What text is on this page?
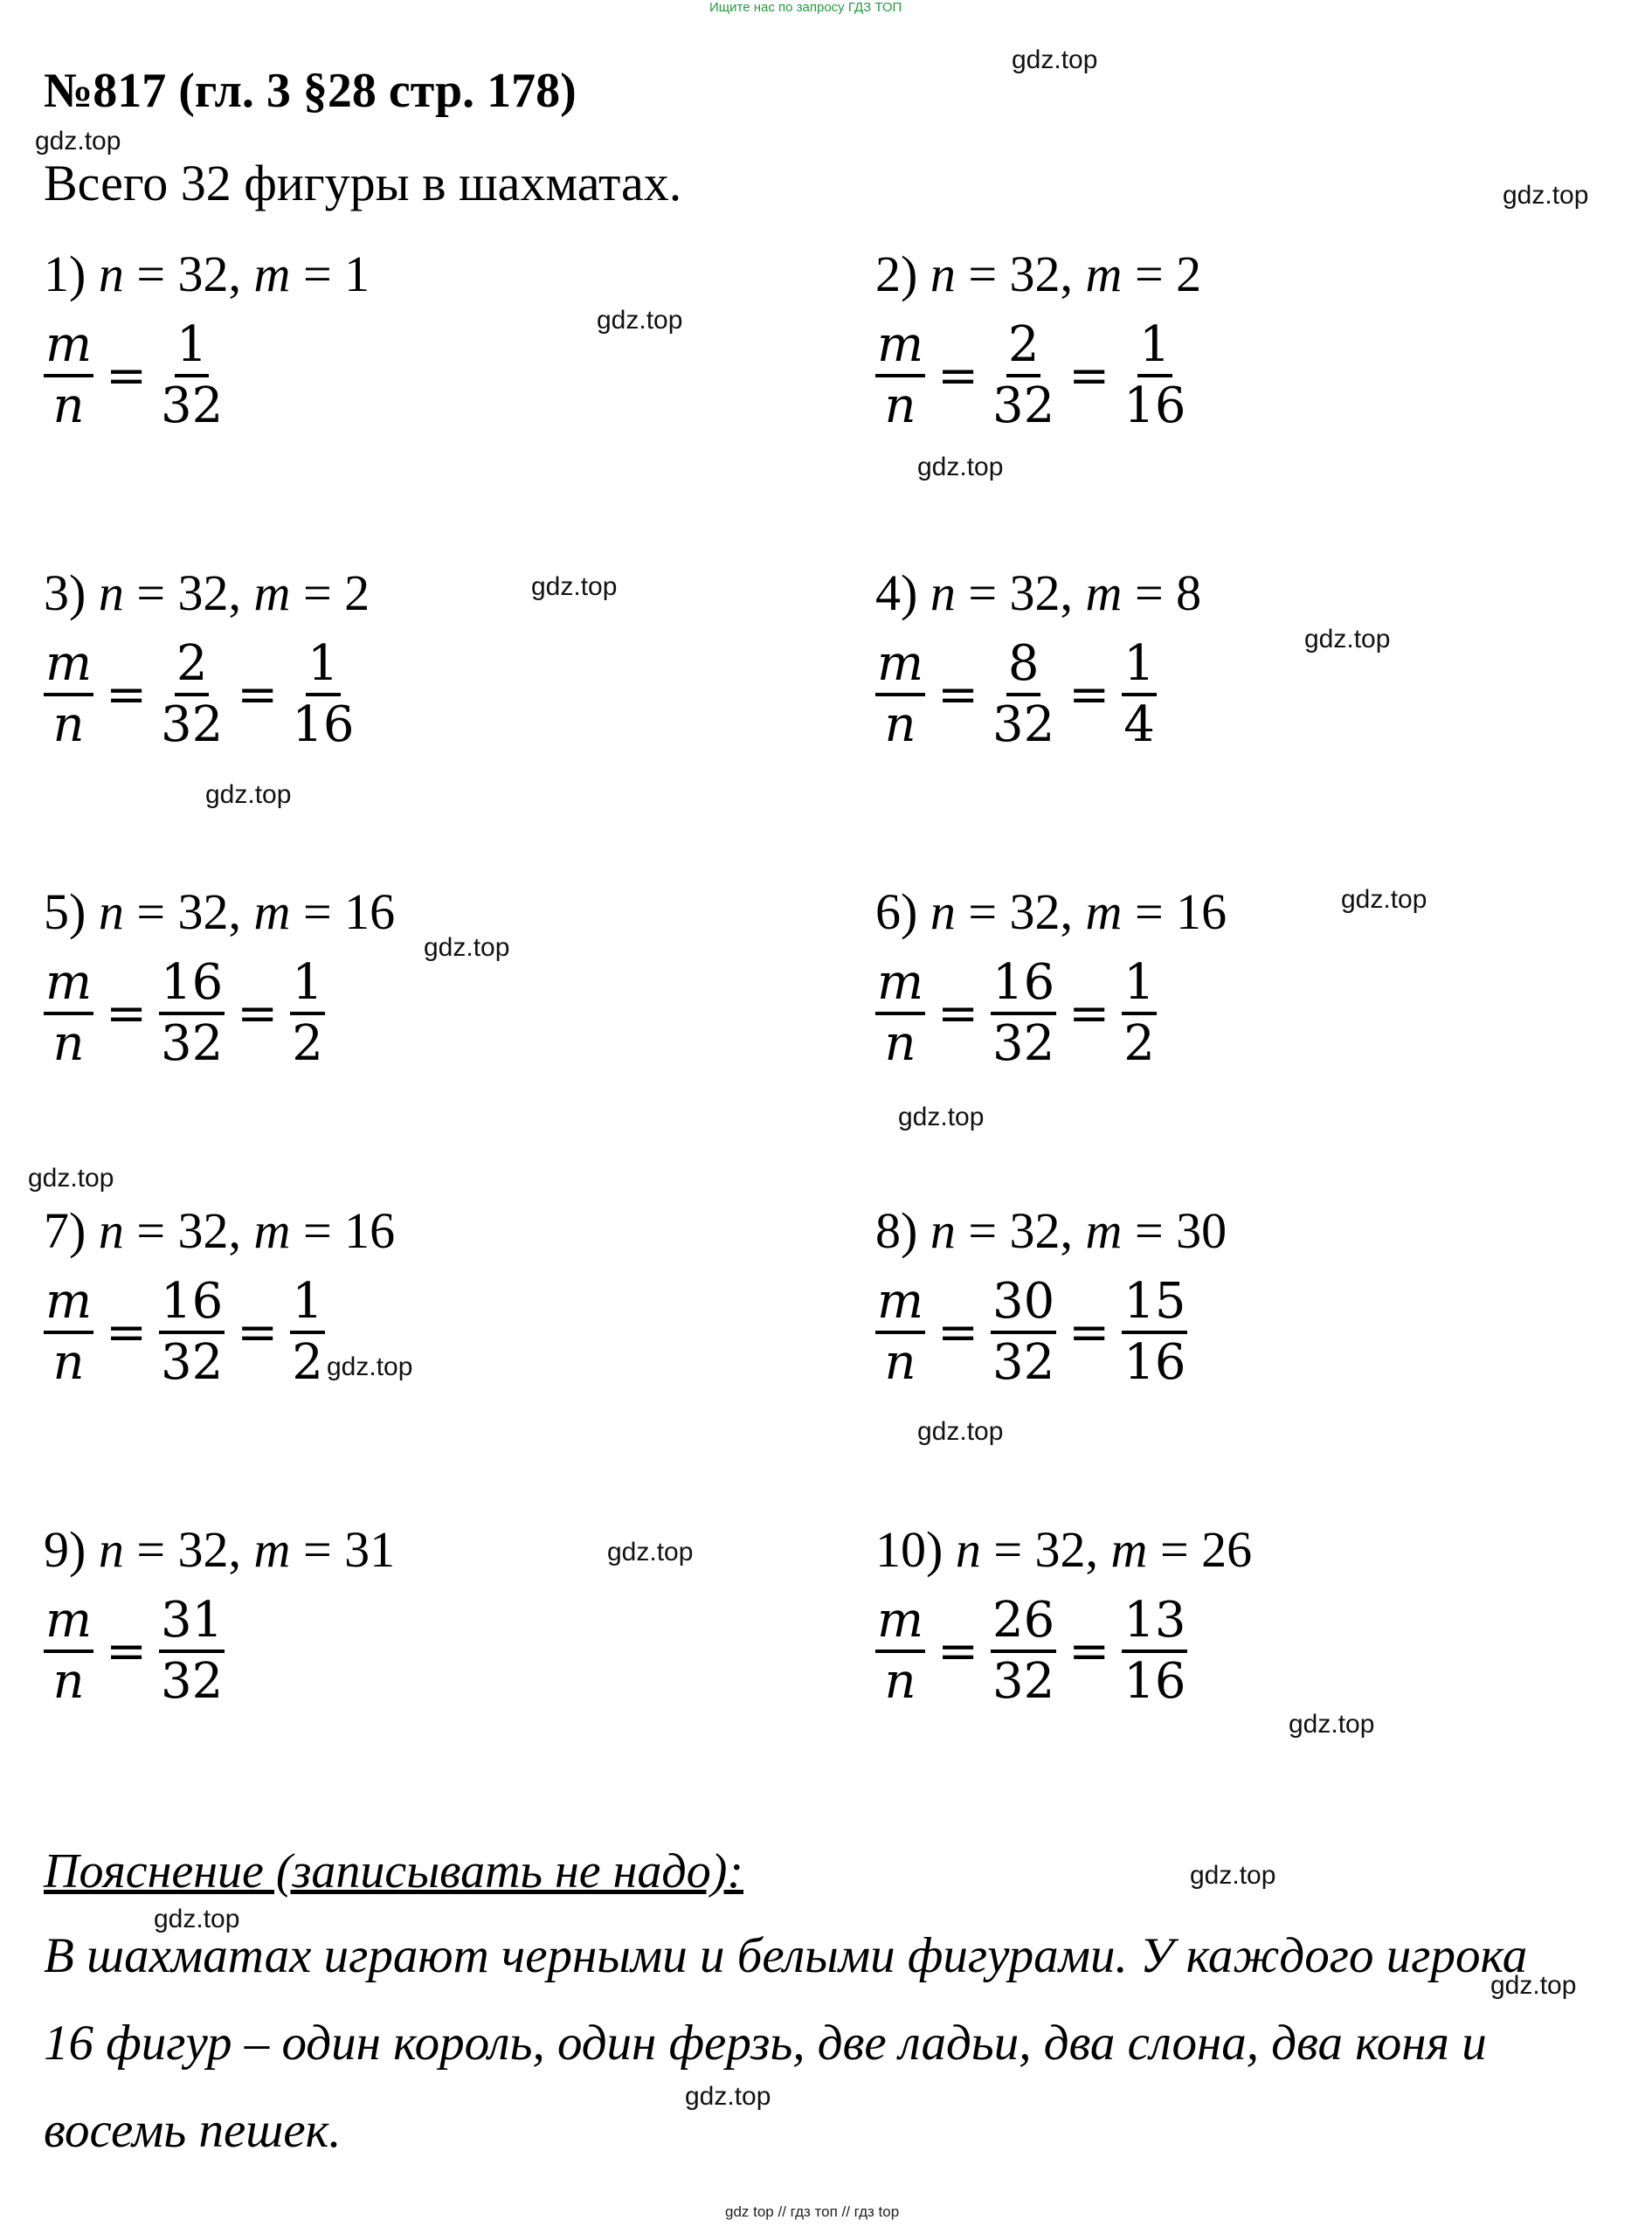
Ищите нас по запросу ГДЗ ТОП
№817 (гл. 3 §28 стр. 178)
Всего 32 фигуры в шахматах.
1) n = 32, m = 1
$\frac{m}{n} = \frac{1}{32}$
2) n = 32, m = 2
$\frac{m}{n} = \frac{2}{32} = \frac{1}{16}$
3) n = 32, m = 2
$\frac{m}{n} = \frac{2}{32} = \frac{1}{16}$
4) n = 32, m = 8
$\frac{m}{n} = \frac{8}{32} = \frac{1}{4}$
5) n = 32, m = 16
$\frac{m}{n} = \frac{16}{32} = \frac{1}{2}$
6) n = 32, m = 16
$\frac{m}{n} = \frac{16}{32} = \frac{1}{2}$
7) n = 32, m = 16
$\frac{m}{n} = \frac{16}{32} = \frac{1}{2}$
8) n = 32, m = 30
$\frac{m}{n} = \frac{30}{32} = \frac{15}{16}$
9) n = 32, m = 31
$\frac{m}{n} = \frac{31}{32}$
10) n = 32, m = 26
$\frac{m}{n} = \frac{26}{32} = \frac{13}{16}$
gdz.top
gdz.top
gdz.top
gdz.top
gdz.top
gdz.top
gdz.top
gdz.top
gdz.top
gdz.top
gdz.top
gdz.top
gdz.top
gdz.top
gdz.top
gdz.top
gdz.top
gdz.top
gdz.top
gdz.top
Пояснение (записывать не надо):
В шахматах играют черными и белыми фигурами. У каждого игрока
16 фигур – один король, один ферзь, две ладьи, два слона, два коня и
восемь пешек.
gdz top // гдз топ // гдз top
